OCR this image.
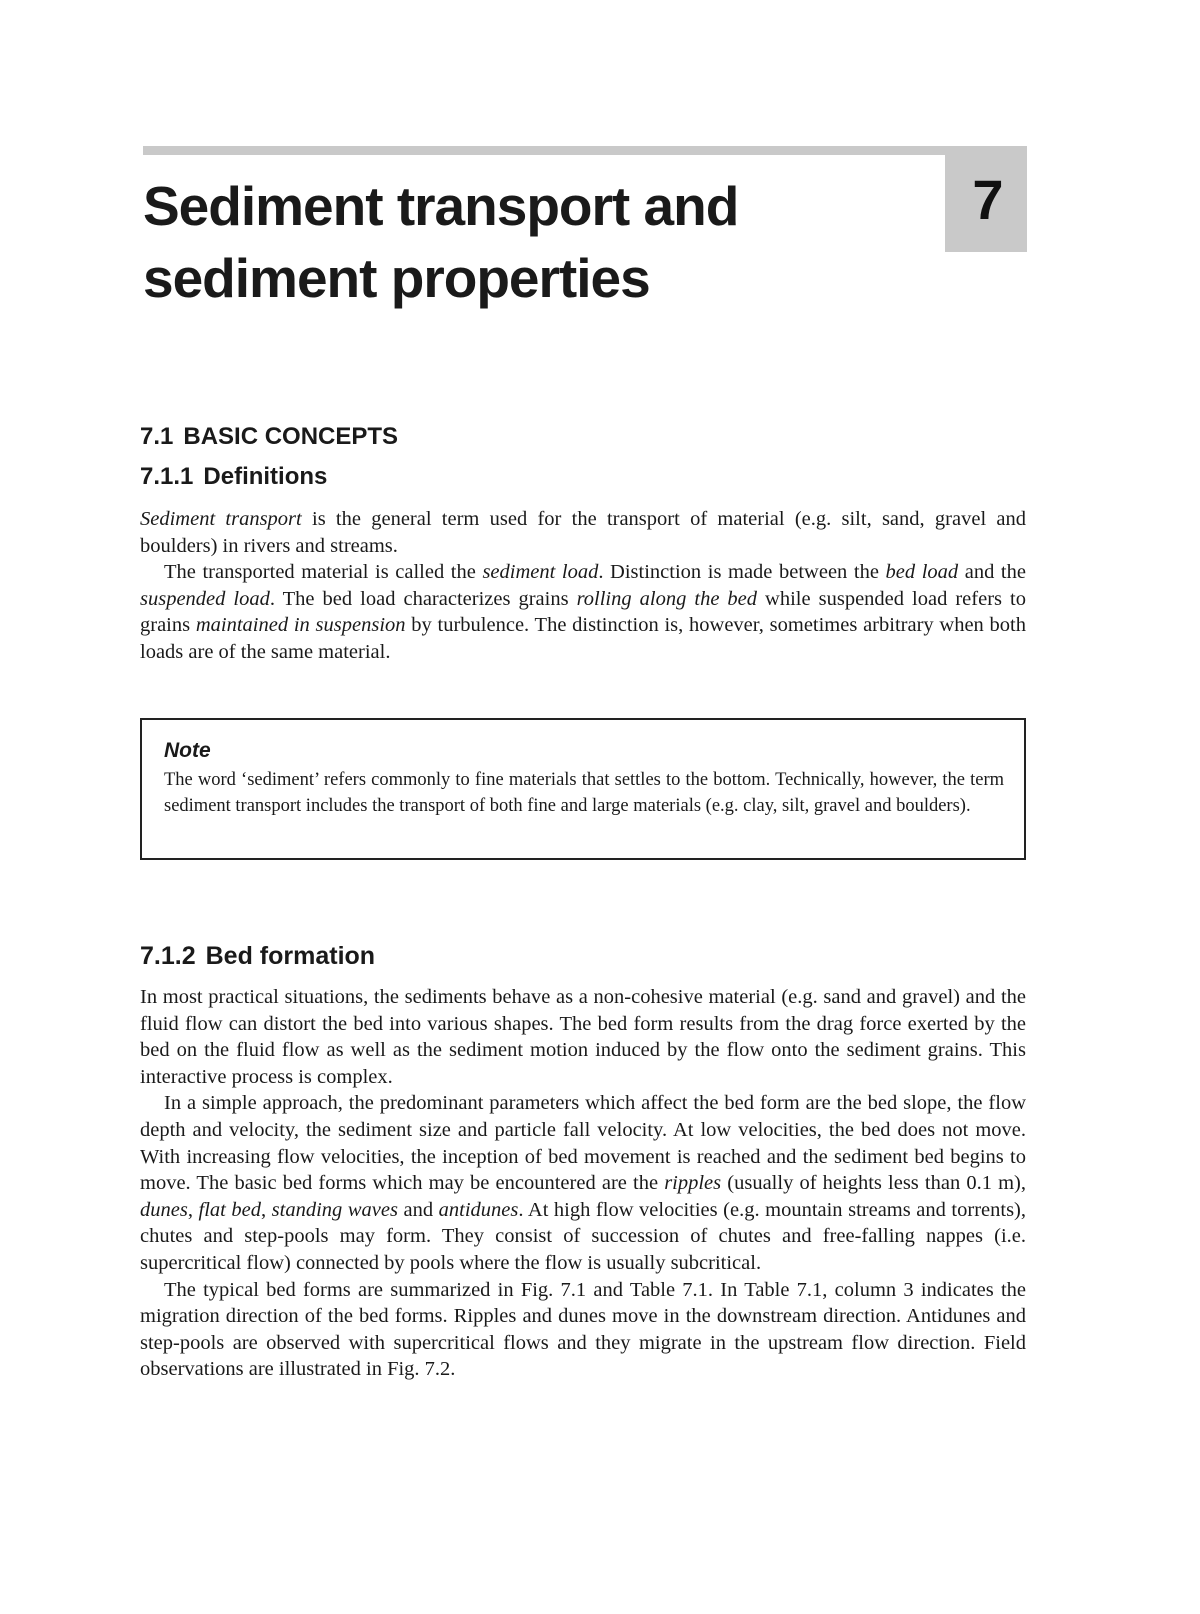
7
Sediment transport and
sediment properties
7.1 BASIC CONCEPTS
7.1.1 Definitions

Sediment transport is the general term used for the transport of material (e.g. silt, sand, gravel and boulders) in rivers and streams.

The transported material is called the sediment load. Distinction is made between the bed load and the suspended load. The bed load characterizes grains rolling along the bed while suspended load refers to grains maintained in suspension by turbulence. The distinction is, however, sometimes arbitrary when both loads are of the same material.

Note

The word ‘sediment’ refers commonly to fine materials that settles to the bottom. Technically, however, the term sediment transport includes the transport of both fine and large materials (e.g. clay, silt, gravel and boulders).

7.1.2 Bed formation

In most practical situations, the sediments behave as a non-cohesive material (e.g. sand and gravel) and the fluid flow can distort the bed into various shapes. The bed form results from the drag force exerted by the bed on the fluid flow as well as the sediment motion induced by the flow onto the sediment grains. This interactive process is complex.

In a simple approach, the predominant parameters which affect the bed form are the bed slope, the flow depth and velocity, the sediment size and particle fall velocity. At low velocities, the bed does not move. With increasing flow velocities, the inception of bed movement is reached and the sediment bed begins to move. The basic bed forms which may be encountered are the ripples (usually of heights less than 0.1 m), dunes, flat bed, standing waves and antidunes. At high flow velocities (e.g. mountain streams and torrents), chutes and step-pools may form. They consist of succession of chutes and free-falling nappes (i.e. supercritical flow) connected by pools where the flow is usually subcritical.

The typical bed forms are summarized in Fig. 7.1 and Table 7.1. In Table 7.1, column 3 indicates the migration direction of the bed forms. Ripples and dunes move in the downstream direction. Antidunes and step-pools are observed with supercritical flows and they migrate in the upstream flow direction. Field observations are illustrated in Fig. 7.2.
